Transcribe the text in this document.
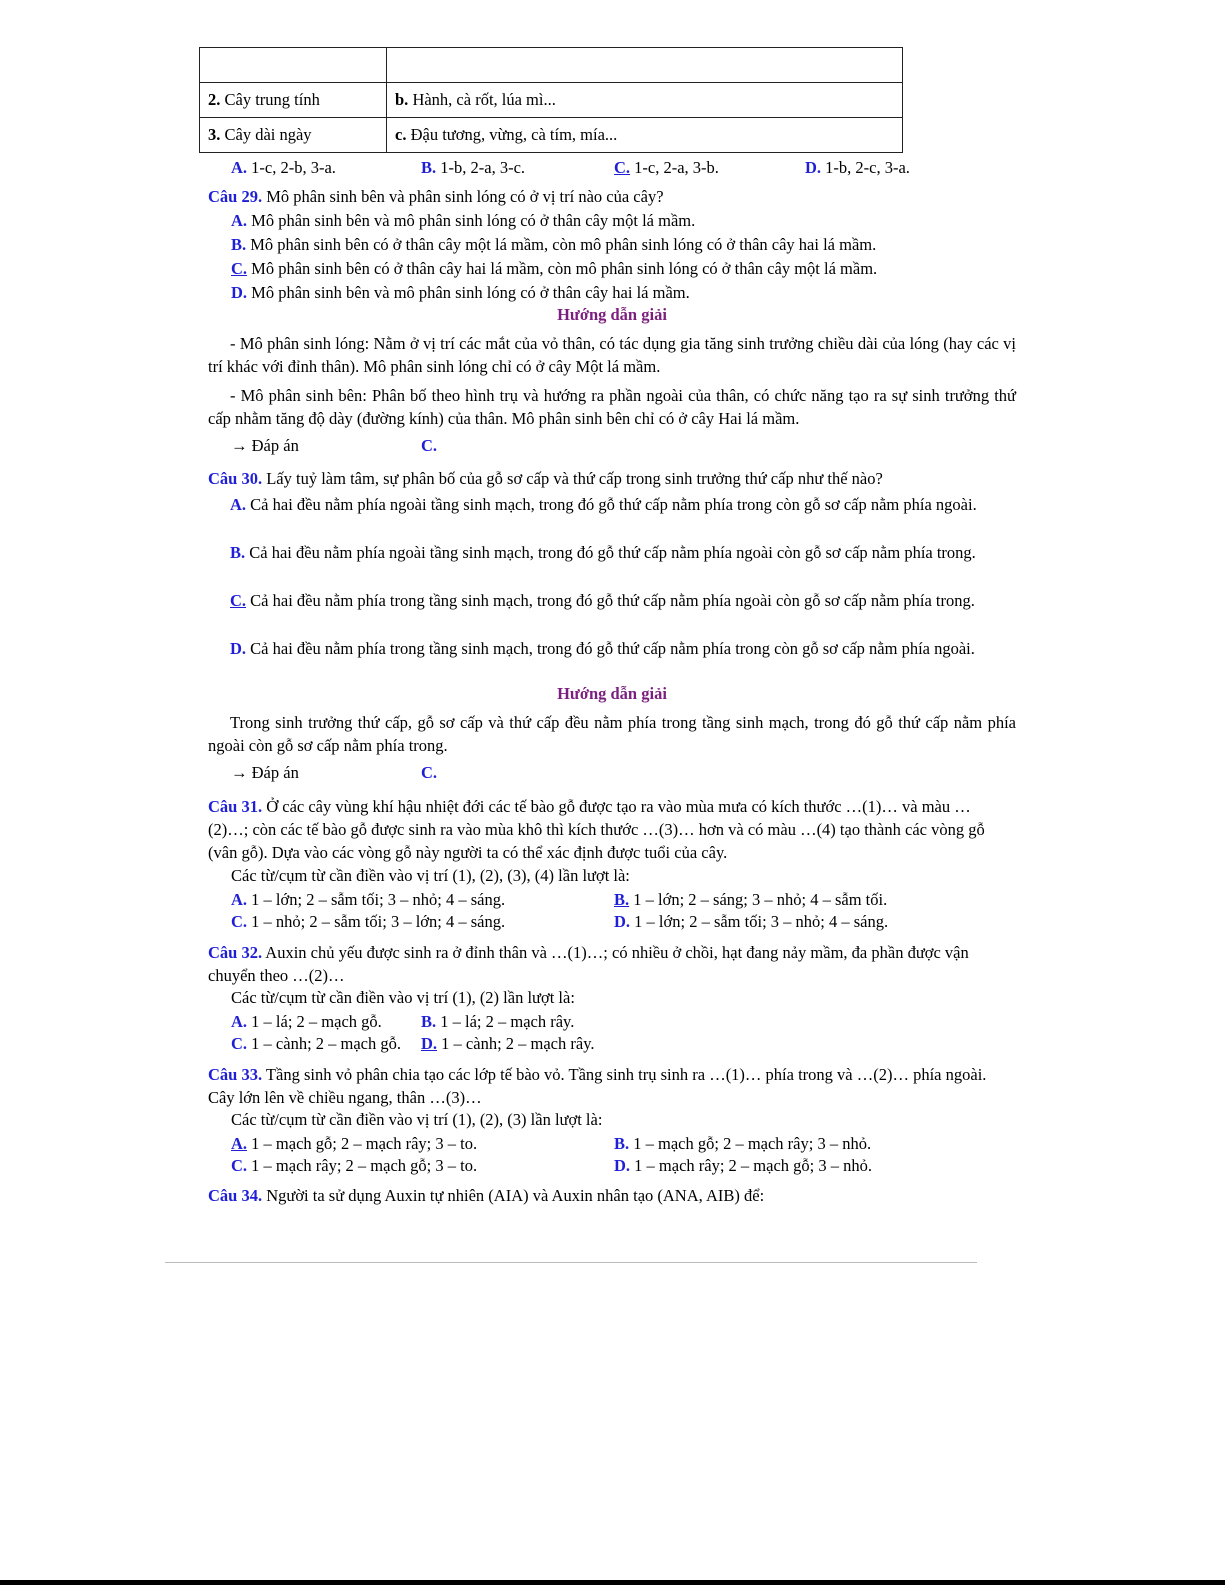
2. Cây trung tính	b. Hành, cà rốt, lúa mì...
3. Cây dài ngày	c. Đậu tương, vừng, cà tím, mía...
A. 1-c, 2-b, 3-a.	B. 1-b, 2-a, 3-c.	C. 1-c, 2-a, 3-b.	D. 1-b, 2-c, 3-a.
Câu 29. Mô phân sinh bên và phân sinh lóng có ở vị trí nào của cây?
A. Mô phân sinh bên và mô phân sinh lóng có ở thân cây một lá mầm.
B. Mô phân sinh bên có ở thân cây một lá mầm, còn mô phân sinh lóng có ở thân cây hai lá mầm.
C. Mô phân sinh bên có ở thân cây hai lá mầm, còn mô phân sinh lóng có ở thân cây một lá mầm.
D. Mô phân sinh bên và mô phân sinh lóng có ở thân cây hai lá mầm.
Hướng dẫn giải
- Mô phân sinh lóng: Nằm ở vị trí các mắt của vỏ thân, có tác dụng gia tăng sinh trưởng chiều dài của lóng (hay các vị trí khác với đỉnh thân). Mô phân sinh lóng chỉ có ở cây Một lá mầm.
- Mô phân sinh bên: Phân bố theo hình trụ và hướng ra phần ngoài của thân, có chức năng tạo ra sự sinh trưởng thứ cấp nhằm tăng độ dày (đường kính) của thân. Mô phân sinh bên chỉ có ở cây Hai lá mầm.
→ Đáp án	C.
Câu 30. Lấy tuỷ làm tâm, sự phân bố của gỗ sơ cấp và thứ cấp trong sinh trưởng thứ cấp như thế nào?
A. Cả hai đều nằm phía ngoài tầng sinh mạch, trong đó gỗ thứ cấp nằm phía trong còn gỗ sơ cấp nằm phía ngoài.
B. Cả hai đều nằm phía ngoài tầng sinh mạch, trong đó gỗ thứ cấp nằm phía ngoài còn gỗ sơ cấp nằm phía trong.
C. Cả hai đều nằm phía trong tầng sinh mạch, trong đó gỗ thứ cấp nằm phía ngoài còn gỗ sơ cấp nằm phía trong.
D. Cả hai đều nằm phía trong tầng sinh mạch, trong đó gỗ thứ cấp nằm phía trong còn gỗ sơ cấp nằm phía ngoài.
Hướng dẫn giải
Trong sinh trưởng thứ cấp, gỗ sơ cấp và thứ cấp đều nằm phía trong tầng sinh mạch, trong đó gỗ thứ cấp nằm phía ngoài còn gỗ sơ cấp nằm phía trong.
→ Đáp án	C.
Câu 31. Ở các cây vùng khí hậu nhiệt đới các tế bào gỗ được tạo ra vào mùa mưa có kích thước …(1)… và màu …(2)…; còn các tế bào gỗ được sinh ra vào mùa khô thì kích thước …(3)… hơn và có màu …(4) tạo thành các vòng gỗ (vân gỗ). Dựa vào các vòng gỗ này người ta có thể xác định được tuổi của cây.
Các từ/cụm từ cần điền vào vị trí (1), (2), (3), (4) lần lượt là:
A. 1 – lớn; 2 – sẫm tối; 3 – nhỏ; 4 – sáng.	B. 1 – lớn; 2 – sáng; 3 – nhỏ; 4 – sẫm tối.
C. 1 – nhỏ; 2 – sẫm tối; 3 – lớn; 4 – sáng.	D. 1 – lớn; 2 – sẫm tối; 3 – nhỏ; 4 – sáng.
Câu 32. Auxin chủ yếu được sinh ra ở đỉnh thân và …(1)…; có nhiều ở chồi, hạt đang nảy mầm, đa phần được vận chuyển theo …(2)…
Các từ/cụm từ cần điền vào vị trí (1), (2) lần lượt là:
A. 1 – lá; 2 – mạch gỗ. B. 1 – lá; 2 – mạch rây.
C. 1 – cành; 2 – mạch gỗ. D. 1 – cành; 2 – mạch rây.
Câu 33. Tầng sinh vỏ phân chia tạo các lớp tế bào vỏ. Tầng sinh trụ sinh ra …(1)… phía trong và …(2)… phía ngoài. Cây lớn lên về chiều ngang, thân …(3)…
Các từ/cụm từ cần điền vào vị trí (1), (2), (3) lần lượt là:
A. 1 – mạch gỗ; 2 – mạch rây; 3 – to.	B. 1 – mạch gỗ; 2 – mạch rây; 3 – nhỏ.
C. 1 – mạch rây; 2 – mạch gỗ; 3 – to.	D. 1 – mạch rây; 2 – mạch gỗ; 3 – nhỏ.
Câu 34. Người ta sử dụng Auxin tự nhiên (AIA) và Auxin nhân tạo (ANA, AIB) để:
